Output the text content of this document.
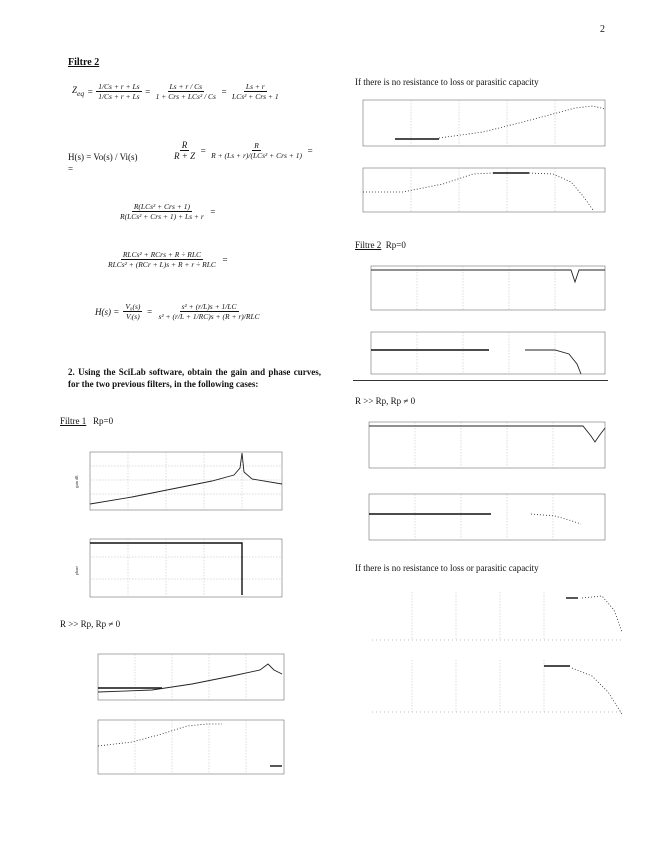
2
Filtre 2
$Z_{eq} = \frac{1/Cs + r + Ls}{1/Cs + r + Ls} = \frac{Ls + r / Cs}{\text{1 + Crs + LCs² / Cs}} = \frac{Ls + r}{\text{LCs² + Crs + 1}}$
H(s) = Vo(s) / Vi(s)
=
$\frac{R}{R + Z} = \frac{R}{\text{R + (Ls + r)/(LCs² + Crs + 1)}}$ =
$\frac{\text{R(LCs² + Crs + 1)}}{\text{R(LCs² + Crs + 1) + Ls + r}}$ =
$\frac{\text{RLCs² + RCrs + R ÷ RLC}}{\text{RLCs² + (RCr + L)s + R + r ÷ RLC}}$ =
$H(s) = \frac{\text{V₀(s)}}{\text{Vᵢ(s)}} = \frac{\text{s² + (r/L)s + 1/LC}}{\text{s² + (r/L + 1/RC)s + (R + r)/RLC}}$
2. Using the SciLab software, obtain the gain and phase curves, for the two previous filters, in the following cases:
Filtre 1 Rp=0
gain dB
phase
R >> Rp, Rp ≠ 0
If there is no resistance to loss or parasitic capacity
Filtre 2 Rp=0
R >> Rp, Rp ≠ 0
If there is no resistance to loss or parasitic capacity
